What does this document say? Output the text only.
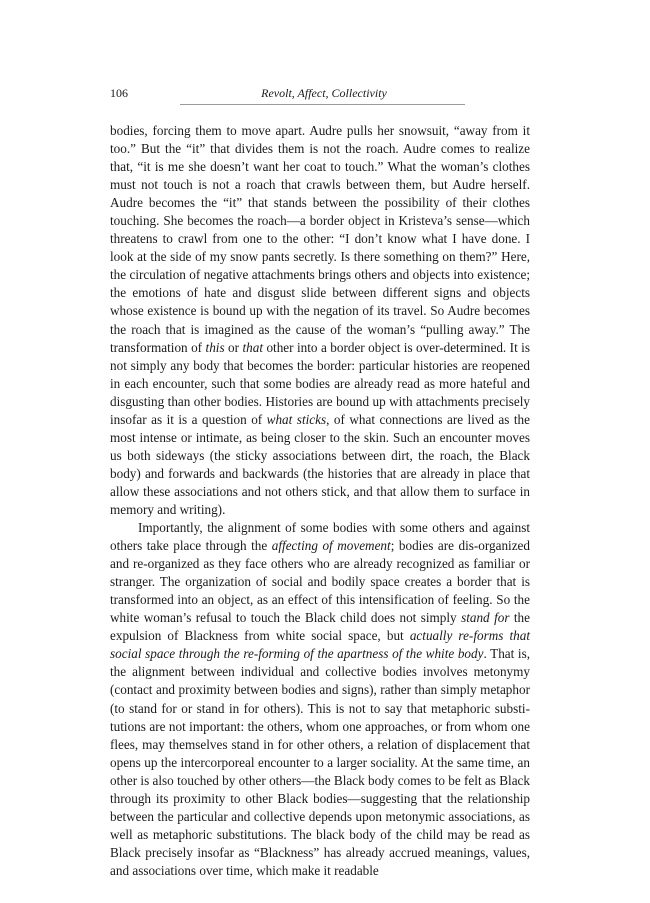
106	Revolt, Affect, Collectivity

bodies, forcing them to move apart. Audre pulls her snowsuit, “away from it too.” But the “it” that divides them is not the roach. Audre comes to realize that, “it is me she doesn’t want her coat to touch.” What the woman’s clothes must not touch is not a roach that crawls between them, but Audre herself. Audre becomes the “it” that stands between the possibility of their clothes touching. She becomes the roach—a border object in Kristeva’s sense—which threatens to crawl from one to the other: “I don’t know what I have done. I look at the side of my snow pants secretly. Is there something on them?” Here, the circulation of negative attachments brings others and objects into existence; the emotions of hate and disgust slide between different signs and objects whose existence is bound up with the negation of its travel. So Audre becomes the roach that is imagined as the cause of the woman’s “pulling away.” The transformation of this or that other into a border object is over-determined. It is not simply any body that becomes the border: particular histories are reopened in each encounter, such that some bodies are already read as more hateful and disgusting than other bodies. Histories are bound up with attachments precisely insofar as it is a question of what sticks, of what connections are lived as the most intense or intimate, as being closer to the skin. Such an encounter moves us both sideways (the sticky associations between dirt, the roach, the Black body) and forwards and backwards (the histories that are already in place that allow these associations and not others stick, and that allow them to surface in memory and writing).

Importantly, the alignment of some bodies with some others and against others take place through the affecting of movement; bodies are dis-organized and re-organized as they face others who are already recognized as familiar or stranger. The organization of social and bodily space creates a border that is transformed into an object, as an effect of this intensification of feeling. So the white woman’s refusal to touch the Black child does not simply stand for the expulsion of Blackness from white social space, but actually re-forms that social space through the re-forming of the apartness of the white body. That is, the alignment between individual and collective bodies involves metonymy (contact and proximity between bodies and signs), rather than simply metaphor (to stand for or stand in for others). This is not to say that metaphoric substitutions are not important: the others, whom one approaches, or from whom one flees, may themselves stand in for other others, a relation of displacement that opens up the intercorporeal encounter to a larger sociality. At the same time, an other is also touched by other others—the Black body comes to be felt as Black through its proximity to other Black bodies—suggesting that the relationship between the particular and collective depends upon metonymic associations, as well as metaphoric substitutions. The black body of the child may be read as Black precisely insofar as “Blackness” has already accrued meanings, values, and associations over time, which make it readable
